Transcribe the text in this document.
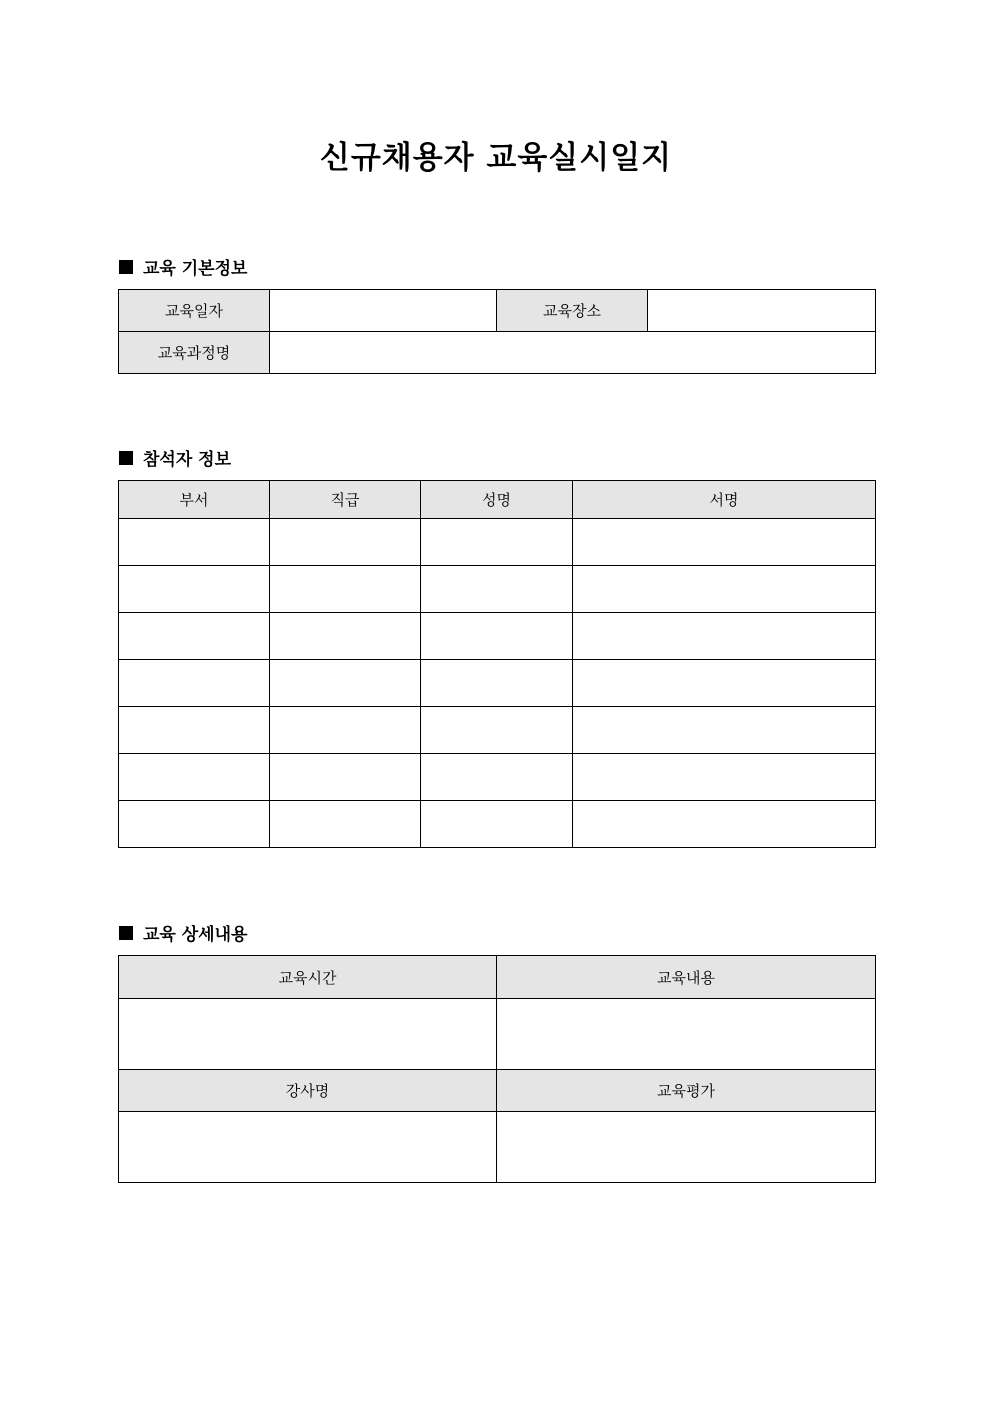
신규채용자 교육실시일지
교육 기본정보
교육일자		교육장소	
교육과정명			
참석자 정보
부서	직급	성명	서명

교육 상세내용
교육시간	교육내용

강사명	교육평가
